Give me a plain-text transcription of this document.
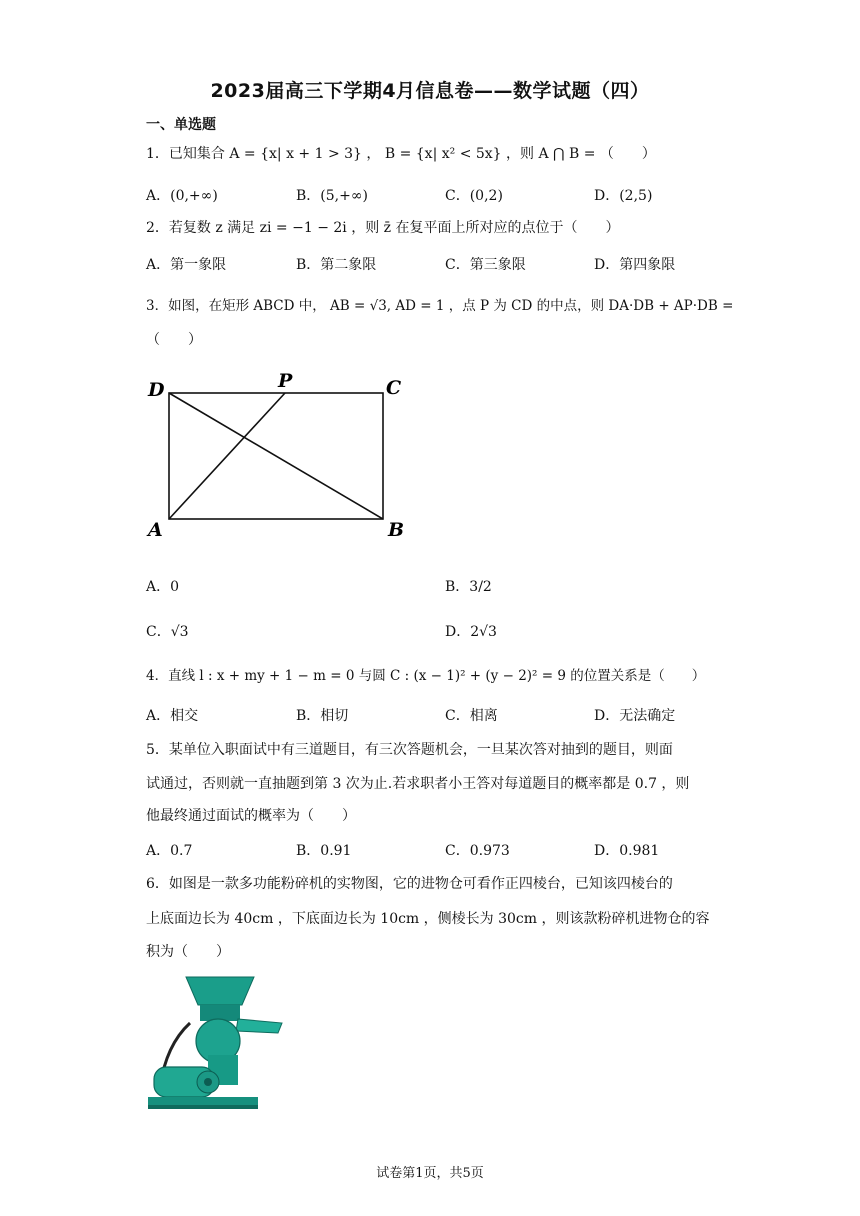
2023届高三下学期4月信息卷——数学试题（四）
一、单选题
1．已知集合 A = {x| x + 1 > 3} ， B = {x| x² < 5x} ，则 A ⋂ B = （　　）
A．(0,+∞)	B．(5,+∞)	C．(0,2)	D．(2,5)
2．若复数 z 满足 zi = −1 − 2i ，则 z̄ 在复平面上所对应的点位于（　　）
A．第一象限	B．第二象限	C．第三象限	D．第四象限
3．如图，在矩形 ABCD 中， AB = √3, AD = 1 ，点 P 为 CD 的中点，则 DA·DB + AP·DB =
（　　）
D	P	C
A	B
A．0	B．3/2
C．√3	D．2√3
4．直线 l : x + my + 1 − m = 0 与圆 C : (x − 1)² + (y − 2)² = 9 的位置关系是（　　）
A．相交	B．相切	C．相离	D．无法确定
5．某单位入职面试中有三道题目，有三次答题机会，一旦某次答对抽到的题目，则面
试通过，否则就一直抽题到第 3 次为止.若求职者小王答对每道题目的概率都是 0.7 ，则
他最终通过面试的概率为（　　）
A．0.7	B．0.91	C．0.973	D．0.981
6．如图是一款多功能粉碎机的实物图，它的进物仓可看作正四棱台，已知该四棱台的
上底面边长为 40cm ，下底面边长为 10cm ，侧棱长为 30cm ，则该款粉碎机进物仓的容
积为（　　）
试卷第1页，共5页
